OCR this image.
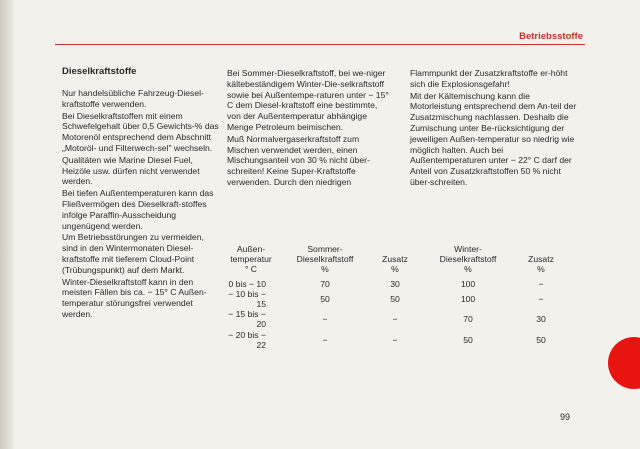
Betriebsstoffe
Dieselkraftstoffe

Nur handelsübliche Fahrzeug-Diesel-kraftstoffe verwenden.

Bei Dieselkraftstoffen mit einem Schwefelgehalt über 0,5 Gewichts-% das Motorenöl entsprechend dem Abschnitt „Motoröl- und Filterwech-sel" wechseln.

Qualitäten wie Marine Diesel Fuel, Heizöle usw. dürfen nicht verwendet werden.

Bei tiefen Außentemperaturen kann das Fließvermögen des Dieselkraft-stoffes infolge Paraffin-Ausscheidung ungenügend werden.

Um Betriebsstörungen zu vermeiden, sind in den Wintermonaten Diesel-kraftstoffe mit tieferem Cloud-Point (Trübungspunkt) auf dem Markt.

Winter-Dieselkraftstoff kann in den meisten Fällen bis ca. − 15° C Außen-temperatur störungsfrei verwendet werden.

Bei Sommer-Dieselkraftstoff, bei we-niger kältebeständigem Winter-Die-selkraftstoff sowie bei Außentempe-raturen unter − 15° C dem Diesel-kraftstoff eine bestimmte, von der Außentemperatur abhängige Menge Petroleum beimischen.

Muß Normalvergaserkraftstoff zum Mischen verwendet werden, einen Mischungsanteil von 30 % nicht über-schreiten! Keine Super-Kraftstoffe verwenden. Durch den niedrigen

Flammpunkt der Zusatzkraftstoffe er-höht sich die Explosionsgefahr!

Mit der Kältemischung kann die Motorleistung entsprechend dem An-teil der Zusatzmischung nachlassen. Deshalb die Zumischung unter Be-rücksichtigung der jeweiligen Außen-temperatur so niedrig wie möglich halten. Auch bei Außentemperaturen unter − 22° C darf der Anteil von Zusatzkraftstoffen 50 % nicht über-schreiten.

Außen-
temperatur
° C	Sommer-
Dieselkraftstoff
%	Zusatz
%	Winter-
Dieselkraftstoff
%	Zusatz
%
0 bis − 10	70	30	100	−
− 10 bis − 15	50	50	100	−
− 15 bis − 20	−	−	70	30
− 20 bis − 22	−	−	50	50
99
